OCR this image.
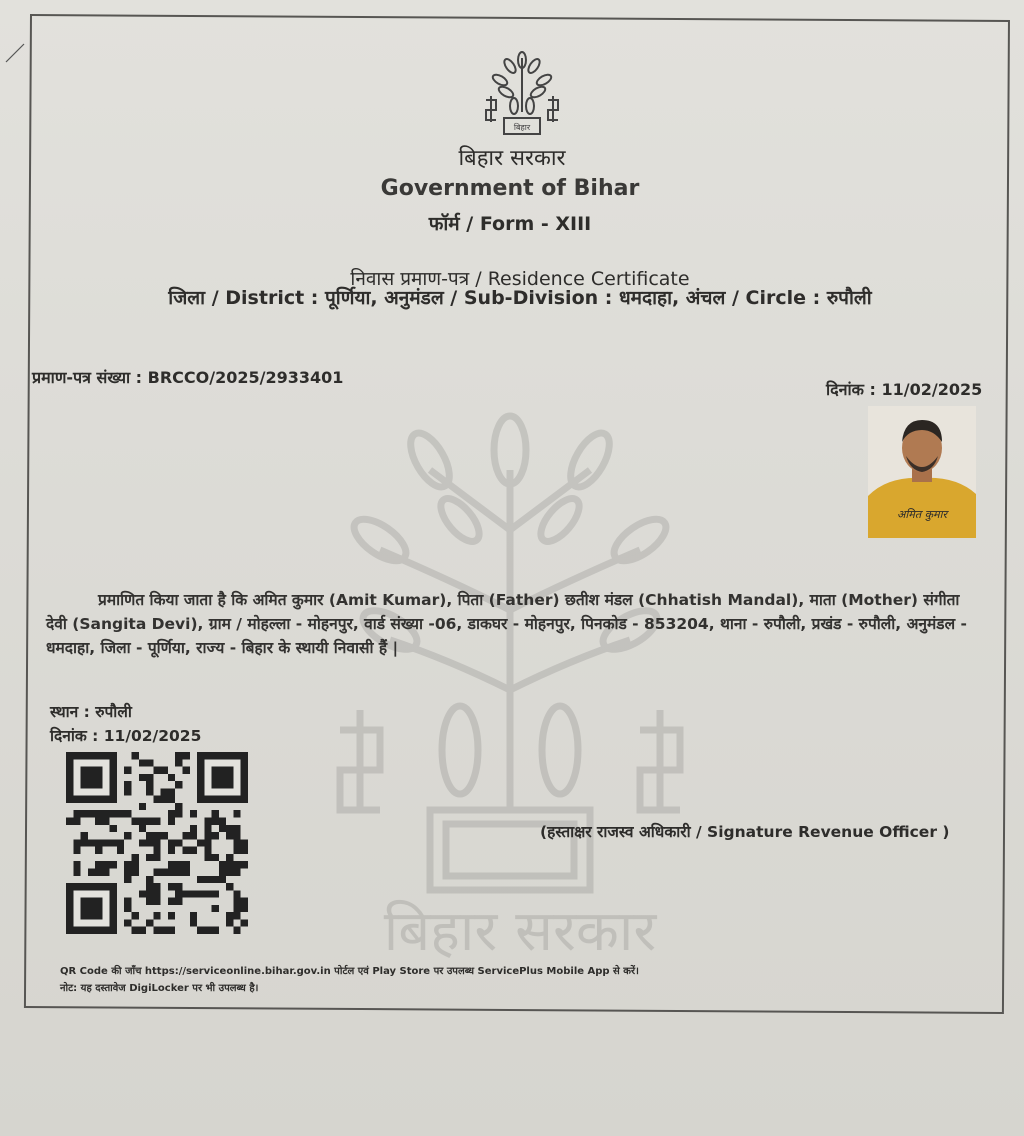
बिहार सरकार
बिहार
बिहार सरकार
Government of Bihar
फॉर्म / Form - XIII
निवास प्रमाण-पत्र / Residence Certificate
जिला / District : पूर्णिया, अनुमंडल / Sub-Division : धमदाहा, अंचल / Circle : रुपौली
प्रमाण-पत्र संख्या : BRCCO/2025/2933401
दिनांक : 11/02/2025
अमित कुमार

प्रमाणित किया जाता है कि अमित कुमार (Amit Kumar), पिता (Father) छतीश मंडल (Chhatish Mandal), माता (Mother) संगीता देवी (Sangita Devi), ग्राम / मोहल्ला - मोहनपुर, वार्ड संख्या -06, डाकघर - मोहनपुर, पिनकोड - 853204, थाना - रुपौली, प्रखंड - रुपौली, अनुमंडल - धमदाहा, जिला - पूर्णिया, राज्य - बिहार के स्थायी निवासी हैं |

स्थान : रुपौली
दिनांक : 11/02/2025
(हस्ताक्षर राजस्व अधिकारी / Signature Revenue Officer )
QR Code की जाँच https://serviceonline.bihar.gov.in पोर्टल एवं Play Store पर उपलब्ध ServicePlus Mobile App से करें।
नोट: यह दस्तावेज DigiLocker पर भी उपलब्ध है।
